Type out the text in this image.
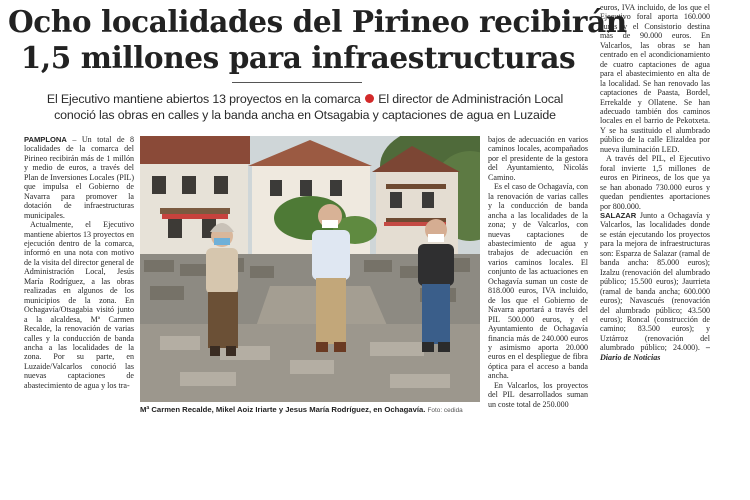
Ocho localidades del Pirineo recibirán
1,5 millones para infraestructuras
El Ejecutivo mantiene abiertos 13 proyectos en la comarca El director de Administración Local
conoció las obras en calles y la banda ancha en Otsagabia y captaciones de agua en Luzaide

PAMPLONA – Un total de 8 localidades de la comarca del Pirineo recibirán más de 1 millón y medio de euros, a través del Plan de Inversiones Locales (PIL) que impulsa el Gobierno de Navarra para promover la dotación de infraestructuras municipales.

Actualmente, el Ejecutivo mantiene abiertos 13 proyectos en ejecución dentro de la comarca, informó en una nota con motivo de la visita del director general de Administración Local, Jesús María Rodríguez, a las obras realizadas en algunos de los municipios de la zona. En Ochagavía/Otsagabia visitó junto a la alcaldesa, Mª Carmen Recalde, la renovación de varias calles y la conducción de banda ancha a las localidades de la zona. Por su parte, en Luzaide/Valcarlos conoció las nuevas captaciones de abastecimiento de agua y los tra-

Mª Carmen Recalde, Mikel Aoiz Iriarte y Jesus María Rodríguez, en Ochagavía. Foto: cedida

bajos de adecuación en varios caminos locales, acompañados por el presidente de la gestora del Ayuntamiento, Nicolás Camino.

Es el caso de Ochagavía, con la renovación de varias calles y la conducción de banda ancha a las localidades de la zona; y de Valcarlos, con nuevas captaciones de abastecimiento de agua y trabajos de adecuación en varios caminos locales. El conjunto de las actuaciones en Ochagavía suman un coste de 818.000 euros, IVA incluido, de los que el Gobierno de Navarra aportará a través del PIL 500.000 euros, y el Ayuntamiento de Ochagavía financia más de 240.000 euros y asimismo aporta 20.000 euros en el despliegue de fibra óptica para el acceso a banda ancha.

En Valcarlos, los proyectos del PIL desarrollados suman un coste total de 250.000

euros, IVA incluido, de los que el Ejecutivo foral aporta 160.000 euros y el Consistorio destina más de 90.000 euros. En Valcarlos, las obras se han centrado en el acondicionamiento de cuatro captaciones de agua para el abastecimiento en alta de la localidad. Se han renovado las captaciones de Paasta, Bordel, Errekalde y Ollatene. Se han adecuado también dos caminos locales en el barrio de Pekotxeta. Y se ha sustituido el alumbrado público de la calle Elizaldea por nueva iluminación LED.

A través del PIL, el Ejecutivo foral invierte 1,5 millones de euros en Pirineos, de los que ya se han abonado 730.000 euros y quedan pendientes aportaciones por 800.000.

SALAZAR Junto a Ochagavía y Valcarlos, las localidades donde se están ejecutando los proyectos para la mejora de infraestructuras son: Esparza de Salazar (ramal de banda ancha: 85.000 euros); Izalzu (renovación del alumbrado público; 15.500 euros); Jaurrieta (ramal de banda ancha; 600.000 euros); Navascués (renovación del alumbrado público; 43.500 euros); Roncal (construcción de camino; 83.500 euros); y Uztárroz (renovación del alumbrado público; 24.000). – Diario de Noticias
